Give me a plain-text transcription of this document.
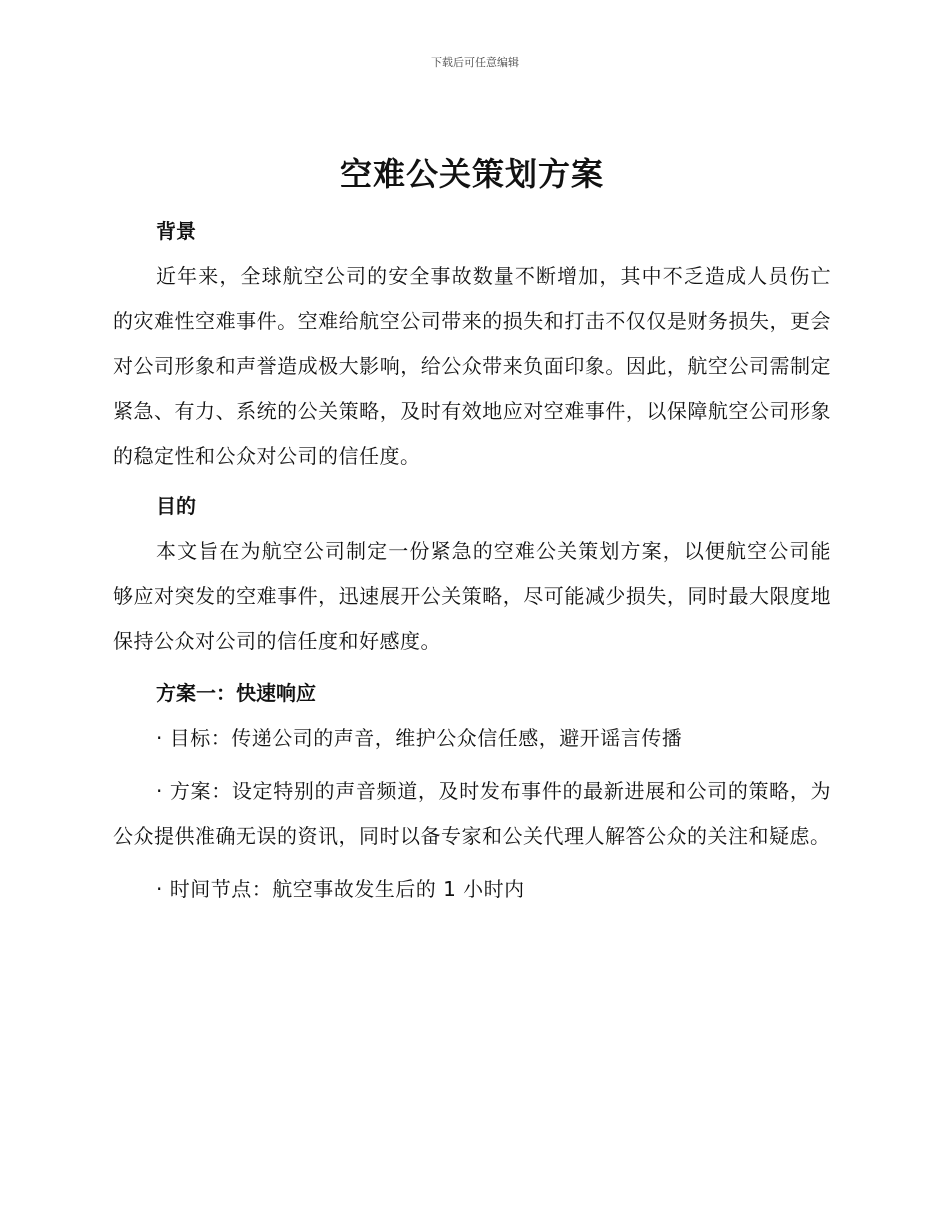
下载后可任意编辑
空难公关策划方案
背景

近年来，全球航空公司的安全事故数量不断增加，其中不乏造成人员伤亡的灾难性空难事件。空难给航空公司带来的损失和打击不仅仅是财务损失，更会对公司形象和声誉造成极大影响，给公众带来负面印象。因此，航空公司需制定紧急、有力、系统的公关策略，及时有效地应对空难事件，以保障航空公司形象的稳定性和公众对公司的信任度。

目的

本文旨在为航空公司制定一份紧急的空难公关策划方案，以便航空公司能够应对突发的空难事件，迅速展开公关策略，尽可能减少损失，同时最大限度地保持公众对公司的信任度和好感度。

方案一：快速响应

· 目标：传递公司的声音，维护公众信任感，避开谣言传播

· 方案：设定特别的声音频道，及时发布事件的最新进展和公司的策略，为公众提供准确无误的资讯，同时以备专家和公关代理人解答公众的关注和疑虑。

· 时间节点：航空事故发生后的 1 小时内
